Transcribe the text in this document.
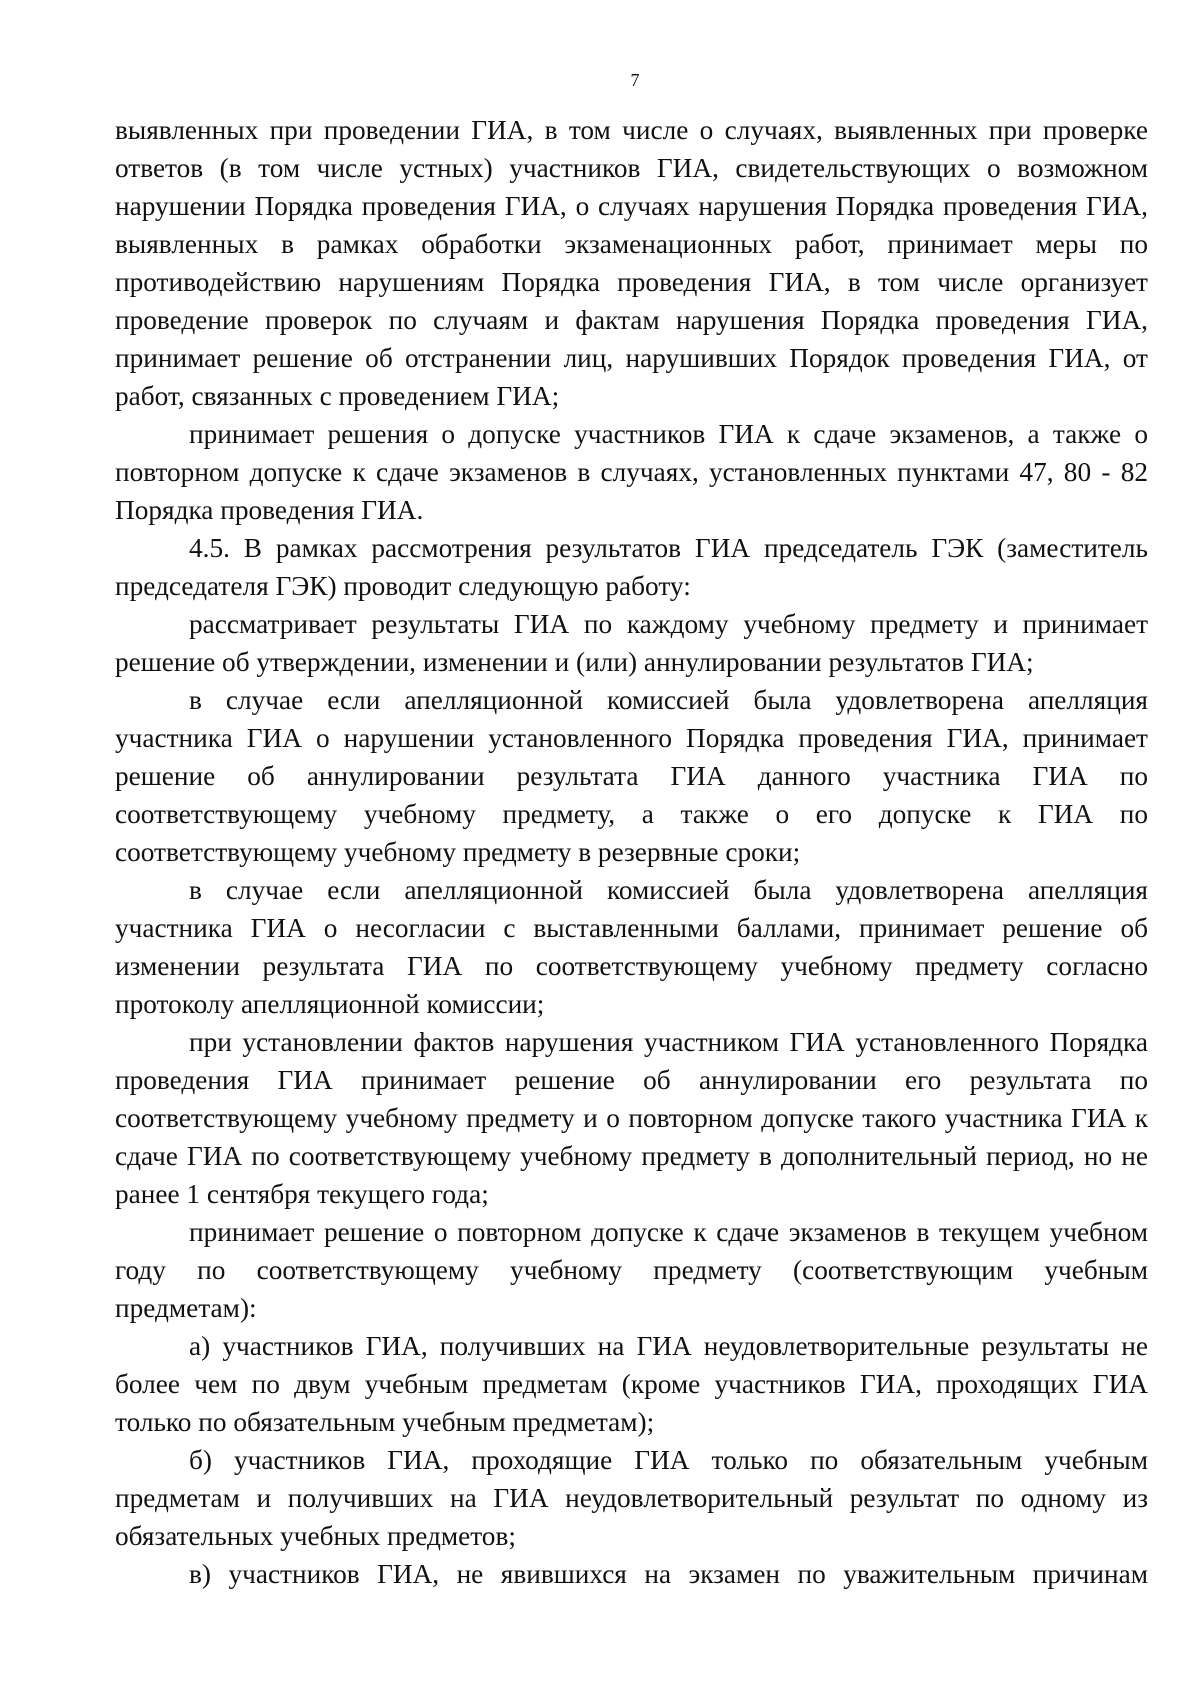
7

выявленных при проведении ГИА, в том числе о случаях, выявленных при проверке ответов (в том числе устных) участников ГИА, свидетельствующих о возможном нарушении Порядка проведения ГИА, о случаях нарушения Порядка проведения ГИА, выявленных в рамках обработки экзаменационных работ, принимает меры по противодействию нарушениям Порядка проведения ГИА, в том числе организует проведение проверок по случаям и фактам нарушения Порядка проведения ГИА, принимает решение об отстранении лиц, нарушивших Порядок проведения ГИА, от работ, связанных с проведением ГИА;

принимает решения о допуске участников ГИА к сдаче экзаменов, а также о повторном допуске к сдаче экзаменов в случаях, установленных пунктами 47, 80 - 82 Порядка проведения ГИА.

4.5. В рамках рассмотрения результатов ГИА председатель ГЭК (заместитель председателя ГЭК) проводит следующую работу:

рассматривает результаты ГИА по каждому учебному предмету и принимает решение об утверждении, изменении и (или) аннулировании результатов ГИА;

в случае если апелляционной комиссией была удовлетворена апелляция участника ГИА о нарушении установленного Порядка проведения ГИА, принимает решение об аннулировании результата ГИА данного участника ГИА по соответствующему учебному предмету, а также о его допуске к ГИА по соответствующему учебному предмету в резервные сроки;

в случае если апелляционной комиссией была удовлетворена апелляция участника ГИА о несогласии с выставленными баллами, принимает решение об изменении результата ГИА по соответствующему учебному предмету согласно протоколу апелляционной комиссии;

при установлении фактов нарушения участником ГИА установленного Порядка проведения ГИА принимает решение об аннулировании его результата по соответствующему учебному предмету и о повторном допуске такого участника ГИА к сдаче ГИА по соответствующему учебному предмету в дополнительный период, но не ранее 1 сентября текущего года;

принимает решение о повторном допуске к сдаче экзаменов в текущем учебном году по соответствующему учебному предмету (соответствующим учебным предметам):

а) участников ГИА, получивших на ГИА неудовлетворительные результаты не более чем по двум учебным предметам (кроме участников ГИА, проходящих ГИА только по обязательным учебным предметам);

б) участников ГИА, проходящие ГИА только по обязательным учебным предметам и получивших на ГИА неудовлетворительный результат по одному из обязательных учебных предметов;

в) участников ГИА, не явившихся на экзамен по уважительным причинам
